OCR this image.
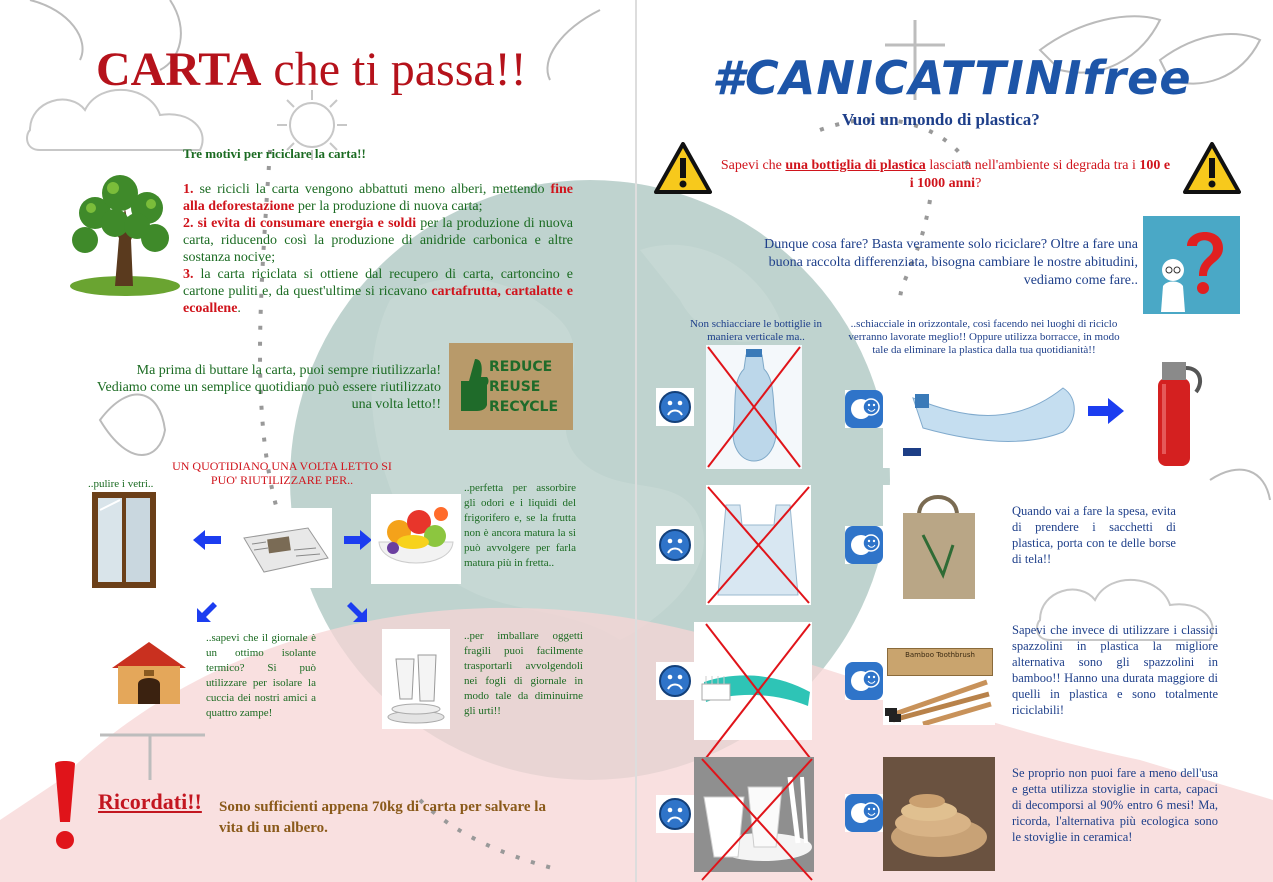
CARTA che ti passa!!
Tre motivi per riciclare la carta!!
1. se ricicli la carta vengono abbattuti meno alberi, mettendo fine alla deforestazione per la produzione di nuova carta;
2. si evita di consumare energia e soldi per la produzione di nuova carta, riducendo così la produzione di anidride carbonica e altre sostanza nocive;
3. la carta riciclata si ottiene dal recupero di carta, cartoncino e cartone puliti e, da quest'ultime si ricavano cartafrutta, cartalatte e ecoallene.
Ma prima di buttare la carta, puoi sempre riutilizzarla! Vediamo come un semplice quotidiano può essere riutilizzato una volta letto!!
REDUCE
REUSE
RECYCLE
UN QUOTIDIANO UNA VOLTA LETTO SI PUO' RIUTILIZZARE PER..
..pulire i vetri..	..perfetta per assorbire gli odori e i liquidi del frigorifero e, se la frutta non è ancora matura la si può avvolgere per farla matura più in fretta..
..sapevi che il giornale è un ottimo isolante termico? Si può utilizzare per isolare la cuccia dei nostri amici a quattro zampe!
..per imballare oggetti fragili puoi facilmente trasportarli avvolgendoli nei fogli di giornale in modo tale da diminuirne gli urti!!
Ricordati!! Sono sufficienti appena 70kg di carta per salvare la vita di un albero.
#CANICATTINIfree
Vuoi un mondo di plastica?
Sapevi che una bottiglia di plastica lasciata nell'ambiente si degrada tra i 100 e i 1000 anni?
Dunque cosa fare? Basta veramente solo riciclare? Oltre a fare una buona raccolta differenziata, bisogna cambiare le nostre abitudini, vediamo come fare..
Non schiacciare le bottigliе in maniera verticale ma..
..schiacciale in orizzontale, così facendo nei luoghi di riciclo verranno lavorate meglio!! Oppure utilizza borracce, in modo tale da eliminare la plastica dalla tua quotidianità!!
Quando vai a fare la spesa, evita di prendere i sacchetti di plastica, porta con te delle borse di tela!!
Bamboo Toothbrush
Sapevi che invece di utilizzare i classici spazzolini in plastica la migliore alternativa sono gli spazzolini in bamboo!! Hanno una durata maggiore di quelli in plastica e sono totalmente riciclabili!
Se proprio non puoi fare a meno dell'usa e getta utilizza stoviglie in carta, capaci di decomporsi al 90% entro 6 mesi! Ma, ricorda, l'alternativa più ecologica sono le stoviglie in ceramica!
